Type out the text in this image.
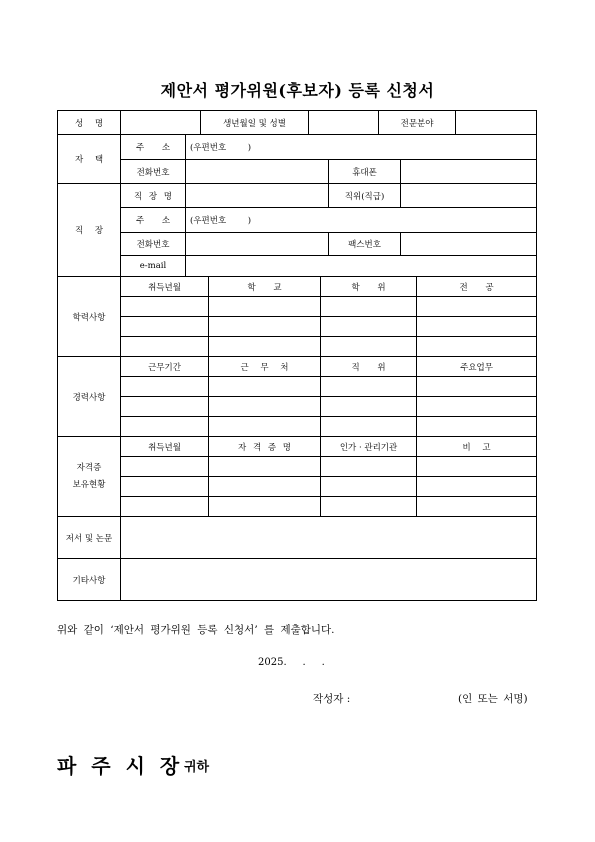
제안서 평가위원(후보자) 등록 신청서
성 명			생년월일 및 성별					전문분야			
자 택	주 소	(우편번호        )									
	전화번호						휴대폰				
직 장	직 장 명						직위(직급)				
	주 소	(우편번호        )									
	전화번호						팩스번호				
	e-mail										
학력사항	취득년월			학 교		학 위				전 공	

경력사항	근무기간			근 무 처		직 위				주요업무	

자격증
보유현황	취득년월			자 격 증 명		인가 · 관리기관				비 고	

저서 및 논문											
기타사항											
위와 같이 ‘제안서 평가위원 등록 신청서’ 를 제출합니다.
2025.     .     .
작성자 :	(인 또는 서명)
파 주 시 장 귀하
